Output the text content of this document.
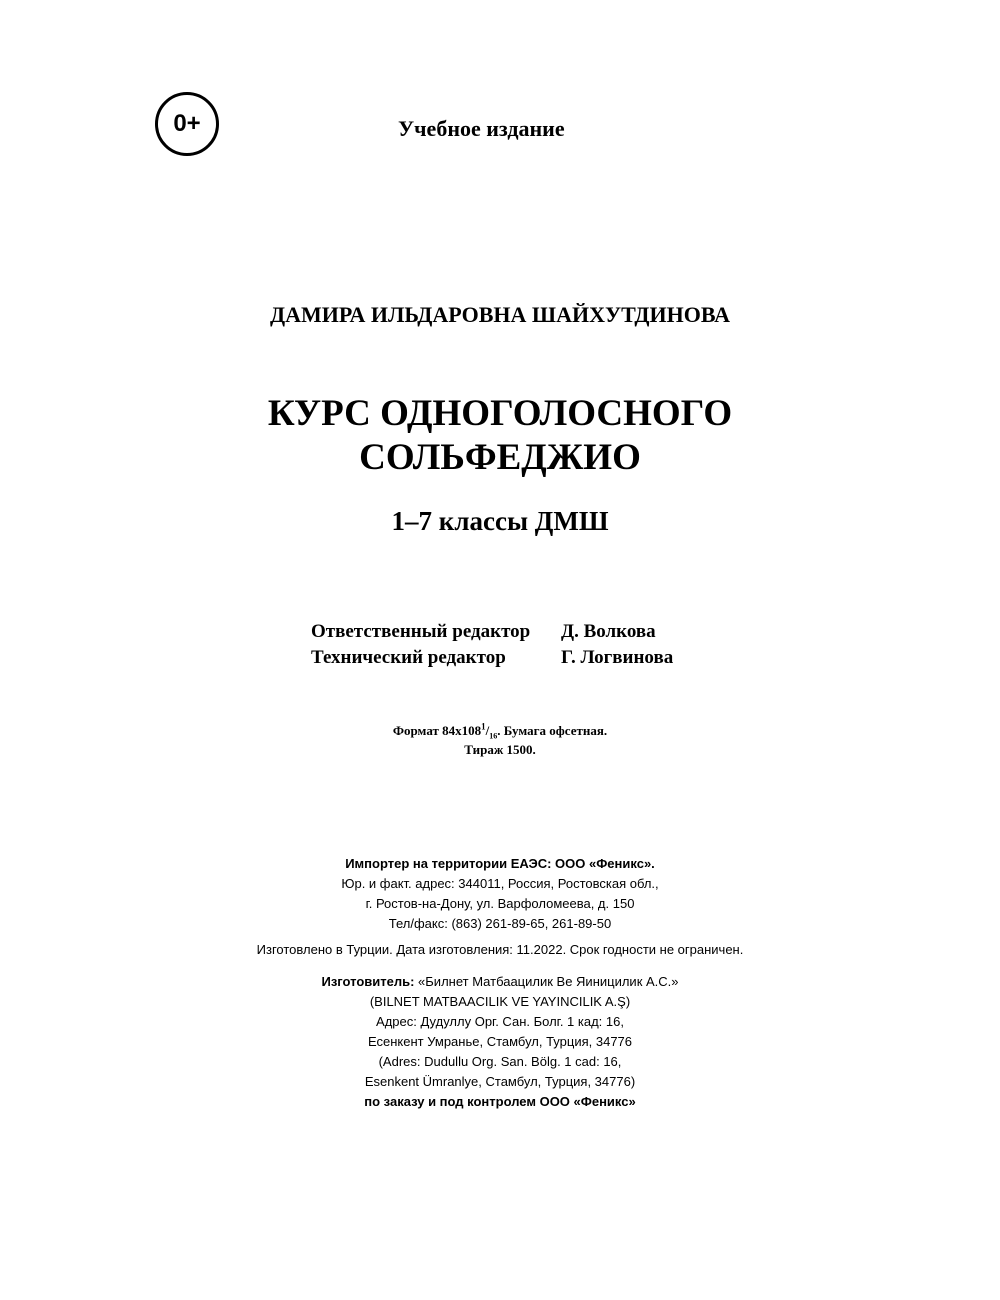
0+	Учебное издание
ДАМИРА ИЛЬДАРОВНА ШАЙХУТДИНОВА
КУРС ОДНОГОЛОСНОГО
СОЛЬФЕДЖИО
1–7 классы ДМШ
Ответственный редактор	Д. Волкова
Технический редактор	Г. Логвинова
Формат $84x108^1/_{16}$. Бумага офсетная.
Тираж 1500.
Импортер на территории ЕАЭС: ООО «Феникс».
Юр. и факт. адрес: 344011, Россия, Ростовская обл.,
г. Ростов-на-Дону, ул. Варфоломеева, д. 150
Тел/факс: (863) 261-89-65, 261-89-50
Изготовлено в Турции. Дата изготовления: 11.2022. Срок годности не ограничен.
Изготовитель: «Билнет Матбаацилик Ве Яиницилик А.С.»
(BILNET MATBAACILIK VE YAYINCILIK A.Ş)
Адрес: Дудуллу Орг. Сан. Болг. 1 кад: 16,
Есенкент Умранье, Стамбул, Турция, 34776
(Adres: Dudullu Org. San. Bölg. 1 cad: 16,
Esenkent Ümranlye, Стамбул, Турция, 34776)
по заказу и под контролем ООО «Феникс»
